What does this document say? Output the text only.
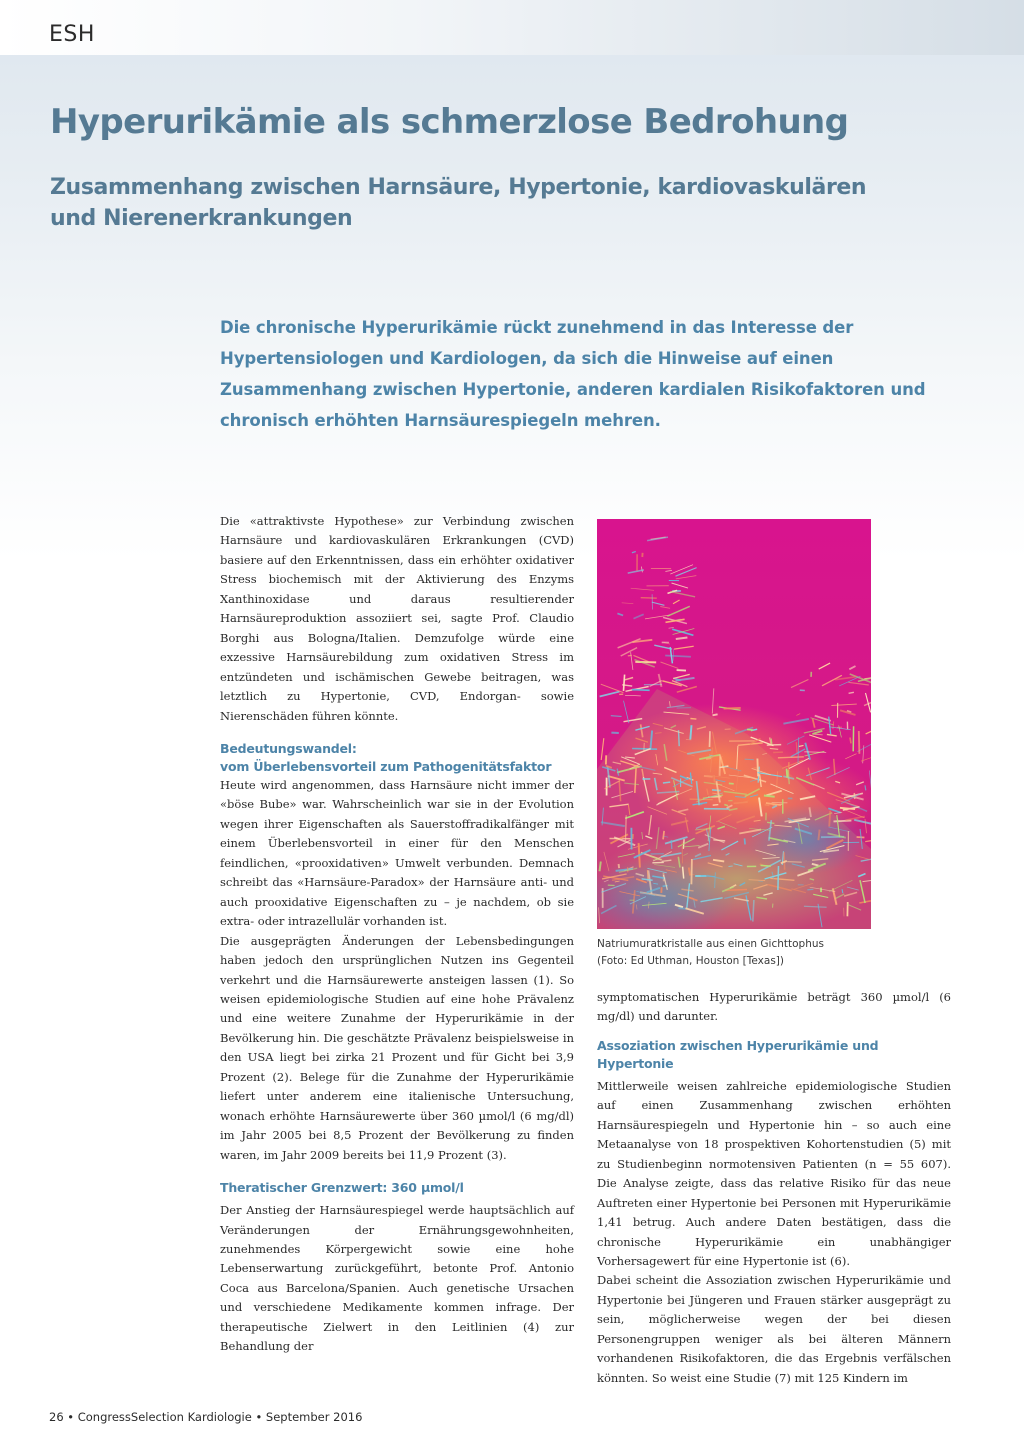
ESH
Hyperurikämie als schmerzlose Bedrohung
Zusammenhang zwischen Harnsäure, Hypertonie, kardiovaskulären und Nierenerkrankungen

Die chronische Hyperurikämie rückt zunehmend in das Interesse der Hypertensiologen und Kardiologen, da sich die Hinweise auf einen Zusammenhang zwischen Hypertonie, anderen kardialen Risikofaktoren und chronisch erhöhten Harnsäurespiegeln mehren.

Die «attraktivste Hypothese» zur Verbindung zwischen Harnsäure und kardiovaskulären Erkrankungen (CVD) basiere auf den Erkenntnissen, dass ein erhöhter oxidativer Stress biochemisch mit der Aktivierung des Enzyms Xanthinoxidase und daraus resultierender Harnsäureproduktion assoziiert sei, sagte Prof. Claudio Borghi aus Bologna/Italien. Demzufolge würde eine exzessive Harnsäurebildung zum oxidativen Stress im entzündeten und ischämischen Gewebe beitragen, was letztlich zu Hypertonie, CVD, Endorgan- sowie Nierenschäden führen könnte.

Bedeutungswandel:
vom Überlebensvorteil zum Pathogenitätsfaktor

Heute wird angenommen, dass Harnsäure nicht immer der «böse Bube» war. Wahrscheinlich war sie in der Evolution wegen ihrer Eigenschaften als Sauerstoffradikalfänger mit einem Überlebensvorteil in einer für den Menschen feindlichen, «prooxidativen» Umwelt verbunden. Demnach schreibt das «Harnsäure-Paradox» der Harnsäure anti- und auch prooxidative Eigenschaften zu – je nachdem, ob sie extra- oder intrazellulär vorhanden ist.

Die ausgeprägten Änderungen der Lebensbedingungen haben jedoch den ursprünglichen Nutzen ins Gegenteil verkehrt und die Harnsäurewerte ansteigen lassen (1). So weisen epidemiologische Studien auf eine hohe Prävalenz und eine weitere Zunahme der Hyperurikämie in der Bevölkerung hin. Die geschätzte Prävalenz beispielsweise in den USA liegt bei zirka 21 Prozent und für Gicht bei 3,9 Prozent (2). Belege für die Zunahme der Hyperurikämie liefert unter anderem eine italienische Untersuchung, wonach erhöhte Harnsäurewerte über 360 µmol/l (6 mg/dl) im Jahr 2005 bei 8,5 Prozent der Bevölkerung zu finden waren, im Jahr 2009 bereits bei 11,9 Prozent (3).

Theratischer Grenzwert: 360 µmol/l

Der Anstieg der Harnsäurespiegel werde hauptsächlich auf Veränderungen der Ernährungsgewohnheiten, zunehmendes Körpergewicht sowie eine hohe Lebenserwartung zurückgeführt, betonte Prof. Antonio Coca aus Barcelona/Spanien. Auch genetische Ursachen und verschiedene Medikamente kommen infrage. Der therapeutische Zielwert in den Leitlinien (4) zur Behandlung der

Natriumuratkristalle aus einen Gichttophus
(Foto: Ed Uthman, Houston [Texas])

symptomatischen Hyperurikämie beträgt 360 µmol/l (6 mg/dl) und darunter.

Assoziation zwischen Hyperurikämie und Hypertonie

Mittlerweile weisen zahlreiche epidemiologische Studien auf einen Zusammenhang zwischen erhöhten Harnsäurespiegeln und Hypertonie hin – so auch eine Metaanalyse von 18 prospektiven Kohortenstudien (5) mit zu Studienbeginn normotensiven Patienten (n = 55 607). Die Analyse zeigte, dass das relative Risiko für das neue Auftreten einer Hypertonie bei Personen mit Hyperurikämie 1,41 betrug. Auch andere Daten bestätigen, dass die chronische Hyperurikämie ein unabhängiger Vorhersagewert für eine Hypertonie ist (6).

Dabei scheint die Assoziation zwischen Hyperurikämie und Hypertonie bei Jüngeren und Frauen stärker ausgeprägt zu sein, möglicherweise wegen der bei diesen Personengruppen weniger als bei älteren Männern vorhandenen Risikofaktoren, die das Ergebnis verfälschen könnten. So weist eine Studie (7) mit 125 Kindern im

26 • CongressSelection Kardiologie • September 2016
